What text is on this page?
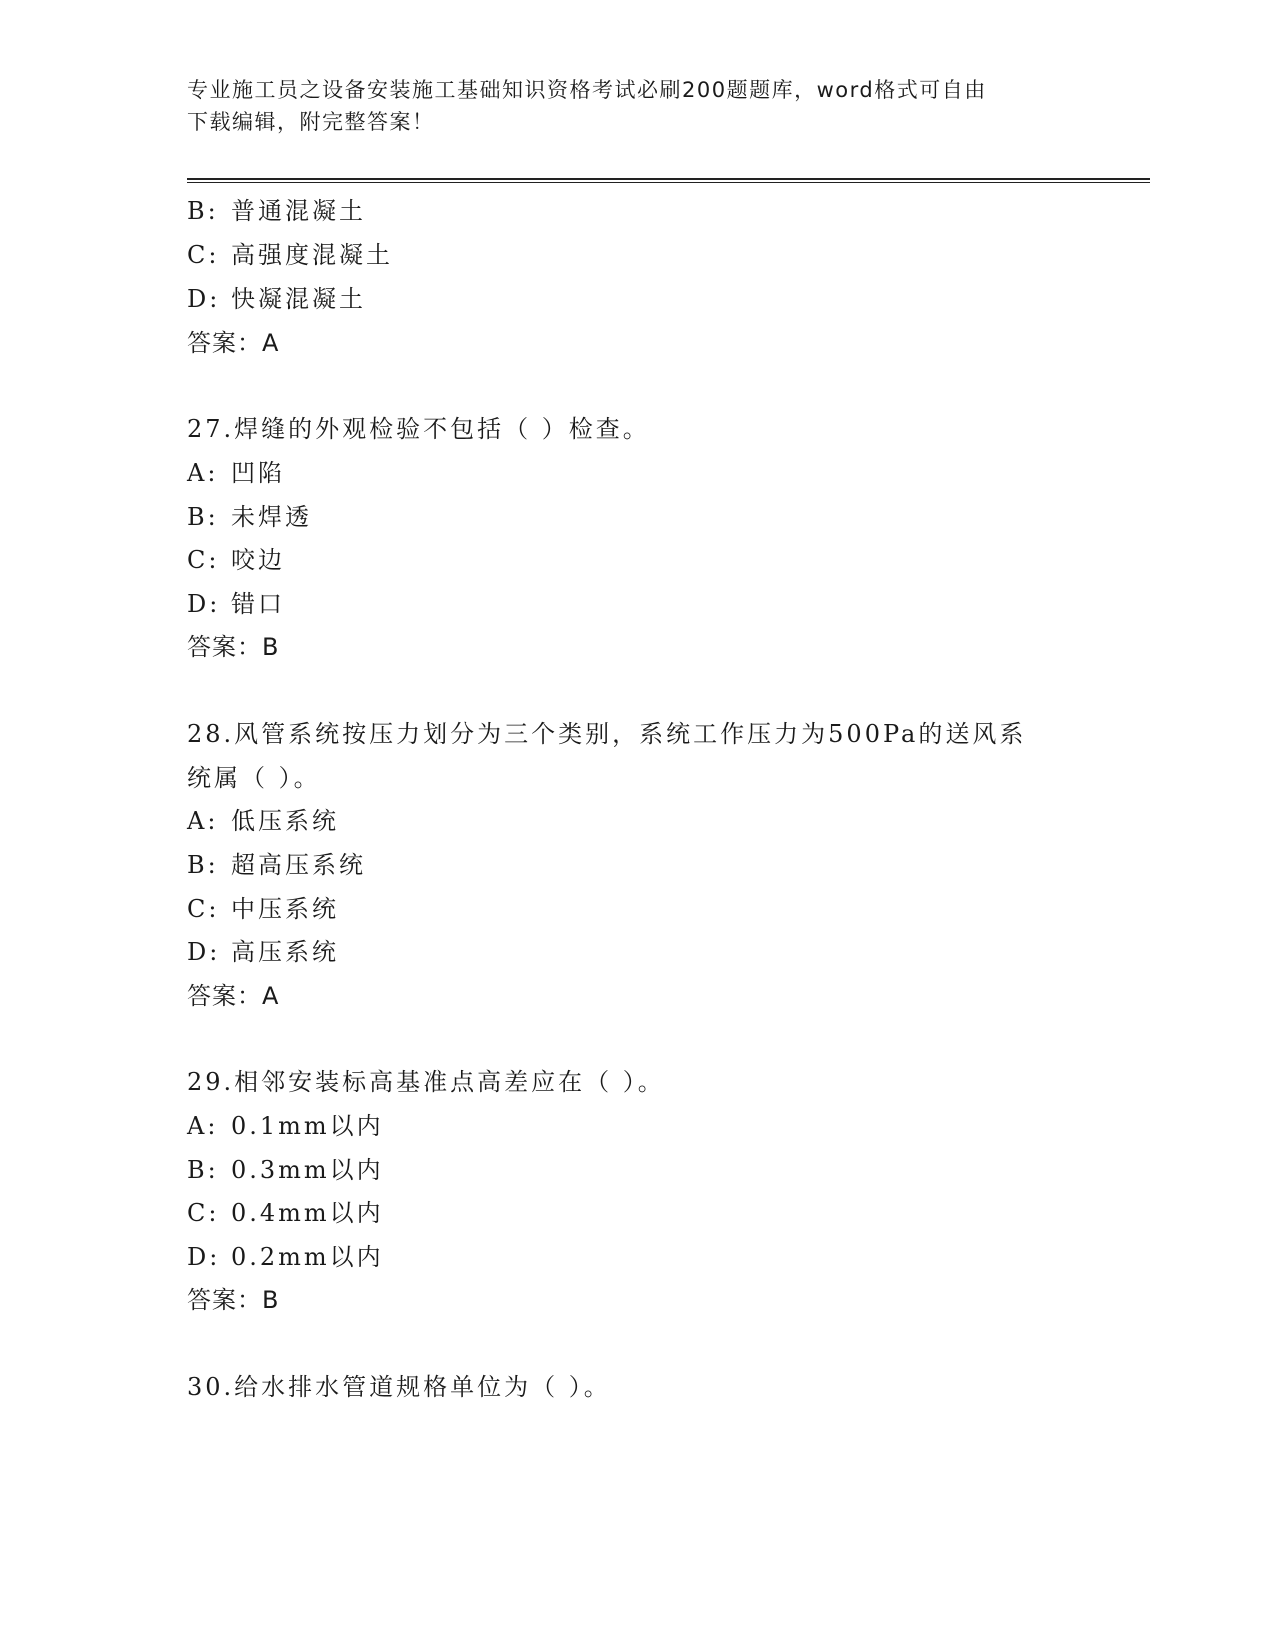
专业施工员之设备安装施工基础知识资格考试必刷200题题库，word格式可自由
下载编辑，附完整答案！
B: 普通混凝土
C: 高强度混凝土
D: 快凝混凝土
答案：A
27.焊缝的外观检验不包括（ ）检查。
A: 凹陷
B: 未焊透
C: 咬边
D: 错口
答案：B
28.风管系统按压力划分为三个类别，系统工作压力为500Pa的送风系
统属（ ）。
A: 低压系统
B: 超高压系统
C: 中压系统
D: 高压系统
答案：A
29.相邻安装标高基准点高差应在（ ）。
A: 0.1mm以内
B: 0.3mm以内
C: 0.4mm以内
D: 0.2mm以内
答案：B
30.给水排水管道规格单位为（ ）。
